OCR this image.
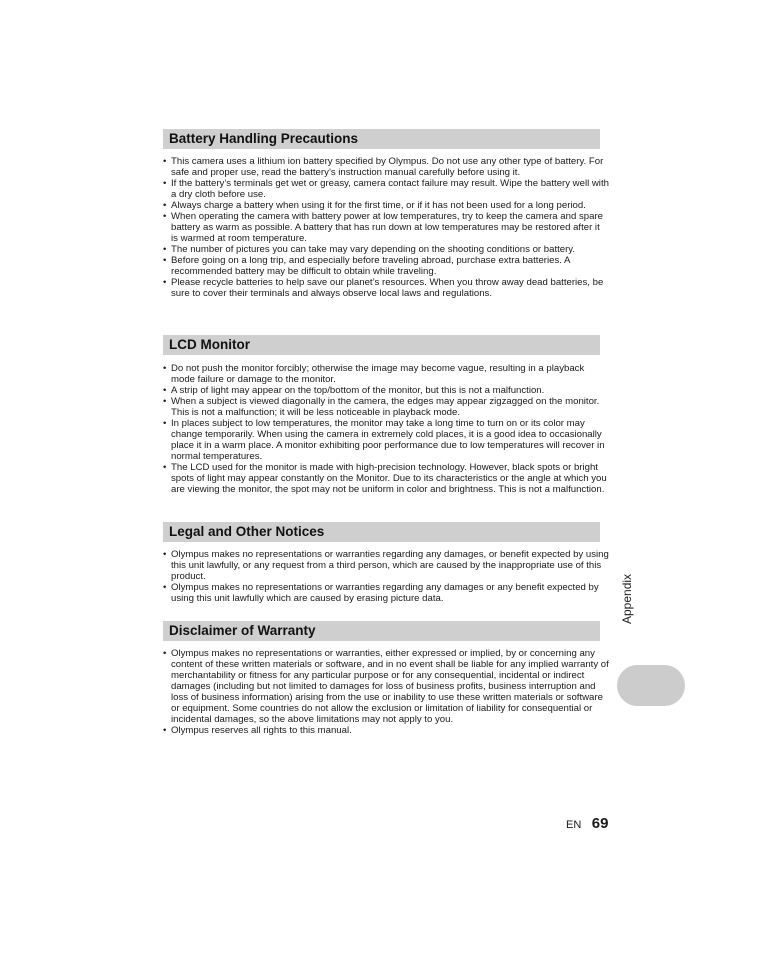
Battery Handling Precautions
• This camera uses a lithium ion battery specified by Olympus. Do not use any other type of battery. For safe and proper use, read the battery’s instruction manual carefully before using it.
• If the battery’s terminals get wet or greasy, camera contact failure may result. Wipe the battery well with a dry cloth before use.
• Always charge a battery when using it for the first time, or if it has not been used for a long period.
• When operating the camera with battery power at low temperatures, try to keep the camera and spare battery as warm as possible. A battery that has run down at low temperatures may be restored after it is warmed at room temperature.
• The number of pictures you can take may vary depending on the shooting conditions or battery.
• Before going on a long trip, and especially before traveling abroad, purchase extra batteries. A recommended battery may be difficult to obtain while traveling.
• Please recycle batteries to help save our planet’s resources. When you throw away dead batteries, be sure to cover their terminals and always observe local laws and regulations.
LCD Monitor
• Do not push the monitor forcibly; otherwise the image may become vague, resulting in a playback mode failure or damage to the monitor.
• A strip of light may appear on the top/bottom of the monitor, but this is not a malfunction.
• When a subject is viewed diagonally in the camera, the edges may appear zigzagged on the monitor. This is not a malfunction; it will be less noticeable in playback mode.
• In places subject to low temperatures, the monitor may take a long time to turn on or its color may change temporarily. When using the camera in extremely cold places, it is a good idea to occasionally place it in a warm place. A monitor exhibiting poor performance due to low temperatures will recover in normal temperatures.
• The LCD used for the monitor is made with high-precision technology. However, black spots or bright spots of light may appear constantly on the Monitor. Due to its characteristics or the angle at which you are viewing the monitor, the spot may not be uniform in color and brightness. This is not a malfunction.
Legal and Other Notices
• Olympus makes no representations or warranties regarding any damages, or benefit expected by using this unit lawfully, or any request from a third person, which are caused by the inappropriate use of this product.
• Olympus makes no representations or warranties regarding any damages or any benefit expected by using this unit lawfully which are caused by erasing picture data.
Disclaimer of Warranty
• Olympus makes no representations or warranties, either expressed or implied, by or concerning any content of these written materials or software, and in no event shall be liable for any implied warranty of merchantability or fitness for any particular purpose or for any consequential, incidental or indirect damages (including but not limited to damages for loss of business profits, business interruption and loss of business information) arising from the use or inability to use these written materials or software or equipment. Some countries do not allow the exclusion or limitation of liability for consequential or incidental damages, so the above limitations may not apply to you.
• Olympus reserves all rights to this manual.
Appendix
EN 69
